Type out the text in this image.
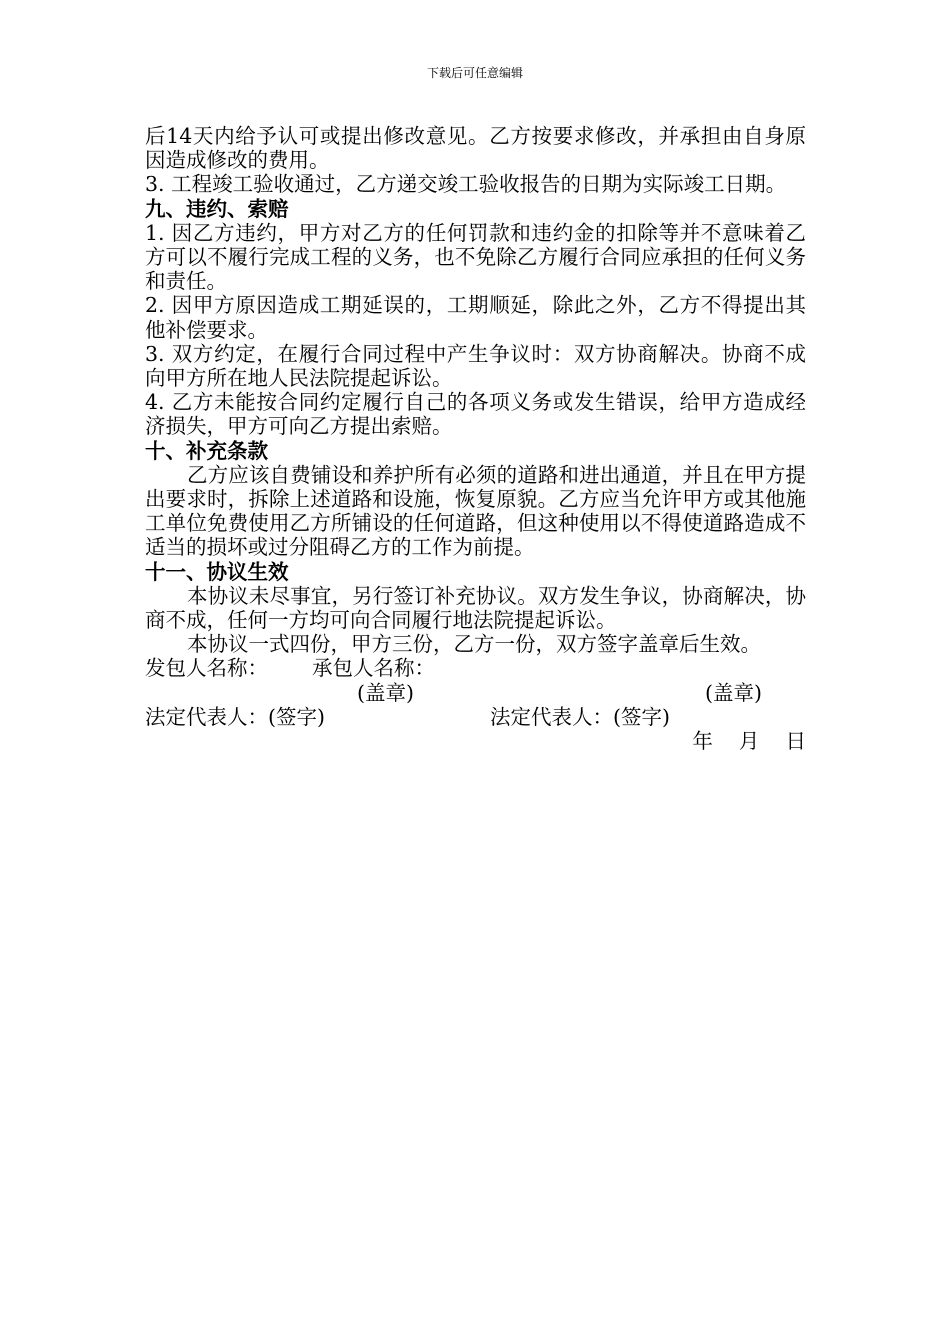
下载后可任意编辑

后14天内给予认可或提出修改意见。乙方按要求修改，并承担由自身原因造成修改的费用。

3. 工程竣工验收通过，乙方递交竣工验收报告的日期为实际竣工日期。

九、违约、索赔

1. 因乙方违约，甲方对乙方的任何罚款和违约金的扣除等并不意味着乙方可以不履行完成工程的义务，也不免除乙方履行合同应承担的任何义务和责任。

2. 因甲方原因造成工期延误的，工期顺延，除此之外，乙方不得提出其他补偿要求。

3. 双方约定，在履行合同过程中产生争议时：双方协商解决。协商不成向甲方所在地人民法院提起诉讼。

4. 乙方未能按合同约定履行自己的各项义务或发生错误，给甲方造成经济损失，甲方可向乙方提出索赔。

十、补充条款

乙方应该自费铺设和养护所有必须的道路和进出通道，并且在甲方提出要求时，拆除上述道路和设施，恢复原貌。乙方应当允许甲方或其他施工单位免费使用乙方所铺设的任何道路，但这种使用以不得使道路造成不适当的损坏或过分阻碍乙方的工作为前提。

十一、协议生效

本协议未尽事宜，另行签订补充协议。双方发生争议，协商解决，协商不成，任何一方均可向合同履行地法院提起诉讼。

本协议一式四份，甲方三份，乙方一份，双方签字盖章后生效。

发包人名称： 承包人名称：
(盖章)	(盖章)
法定代表人：(签字)	法定代表人：(签字)
年    月    日
